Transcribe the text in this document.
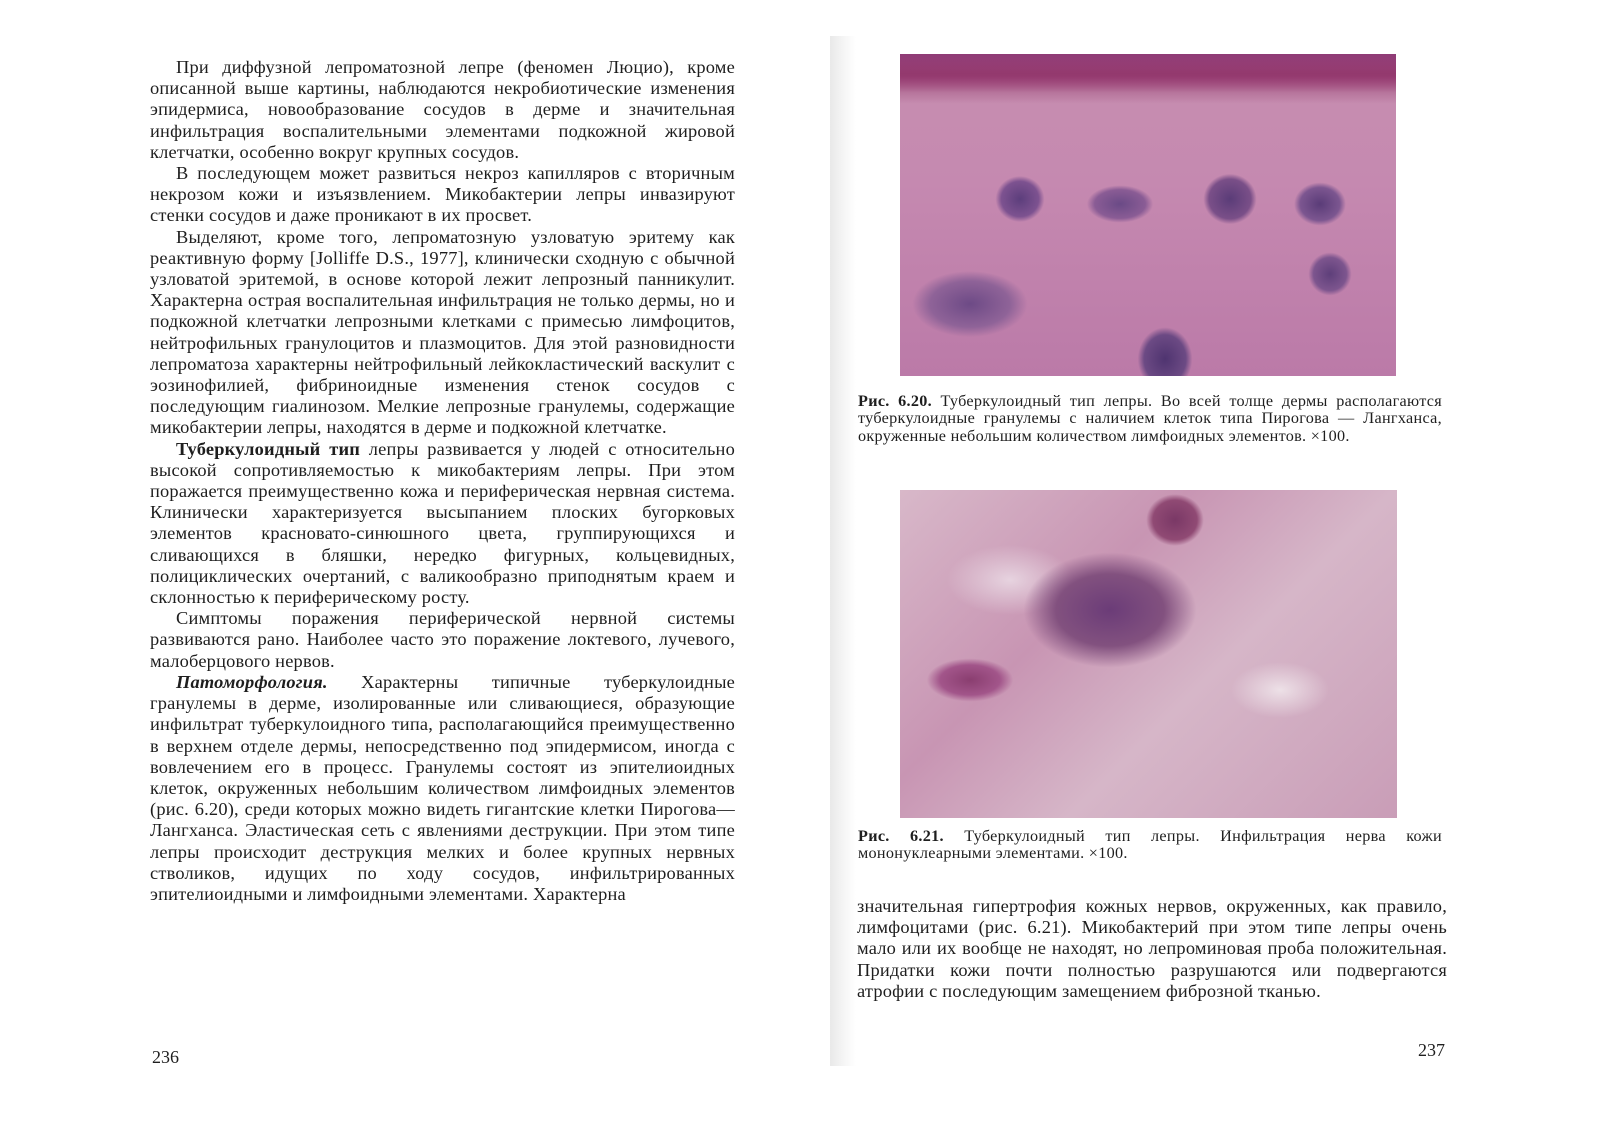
При диффузной лепроматозной лепре (феномен Люцио), кроме описанной выше картины, наблюдаются некробиотические изменения эпидермиса, новообразование сосудов в дерме и значительная инфильтрация воспалительными элементами подкожной жировой клетчатки, особенно вокруг крупных сосудов.

В последующем может развиться некроз капилляров с вторичным некрозом кожи и изъязвлением. Микобактерии лепры инвазируют стенки сосудов и даже проникают в их просвет.

Выделяют, кроме того, лепроматозную узловатую эритему как реактивную форму [Jolliffe D.S., 1977], клинически сходную с обычной узловатой эритемой, в основе которой лежит лепрозный панникулит. Характерна острая воспалительная инфильтрация не только дермы, но и подкожной клетчатки лепрозными клетками с примесью лимфоцитов, нейтрофильных гранулоцитов и плазмоцитов. Для этой разновидности лепроматоза характерны нейтрофильный лейкокластический васкулит с эозинофилией, фибриноидные изменения стенок сосудов с последующим гиалинозом. Мелкие лепрозные гранулемы, содержащие микобактерии лепры, находятся в дерме и подкожной клетчатке.

Туберкулоидный тип лепры развивается у людей с относительно высокой сопротивляемостью к микобактериям лепры. При этом поражается преимущественно кожа и периферическая нервная система. Клинически характеризуется высыпанием плоских бугорковых элементов красновато-синюшного цвета, группирующихся и сливающихся в бляшки, нередко фигурных, кольцевидных, полициклических очертаний, с валикообразно приподнятым краем и склонностью к периферическому росту.

Симптомы поражения периферической нервной системы развиваются рано. Наиболее часто это поражение локтевого, лучевого, малоберцового нервов.

Патоморфология. Характерны типичные туберкулоидные гранулемы в дерме, изолированные или сливающиеся, образующие инфильтрат туберкулоидного типа, располагающийся преимущественно в верхнем отделе дермы, непосредственно под эпидермисом, иногда с вовлечением его в процесс. Гранулемы состоят из эпителиоидных клеток, окруженных небольшим количеством лимфоидных элементов (рис. 6.20), среди которых можно видеть гигантские клетки Пирогова—Лангханса. Эластическая сеть с явлениями деструкции. При этом типе лепры происходит деструкция мелких и более крупных нервных стволиков, идущих по ходу сосудов, инфильтрированных эпителиоидными и лимфоидными элементами. Характерна

236
Рис. 6.20. Туберкулоидный тип лепры. Во всей толще дермы располагаются туберкулоидные гранулемы с наличием клеток типа Пирогова — Лангханса, окруженные небольшим количеством лимфоидных элементов. ×100.
Рис. 6.21. Туберкулоидный тип лепры. Инфильтрация нерва кожи мононуклеарными элементами. ×100.
значительная гипертрофия кожных нервов, окруженных, как правило, лимфоцитами (рис. 6.21). Микобактерий при этом типе лепры очень мало или их вообще не находят, но лепроминовая проба положительная. Придатки кожи почти полностью разрушаются или подвергаются атрофии с последующим замещением фиброзной тканью.
237
